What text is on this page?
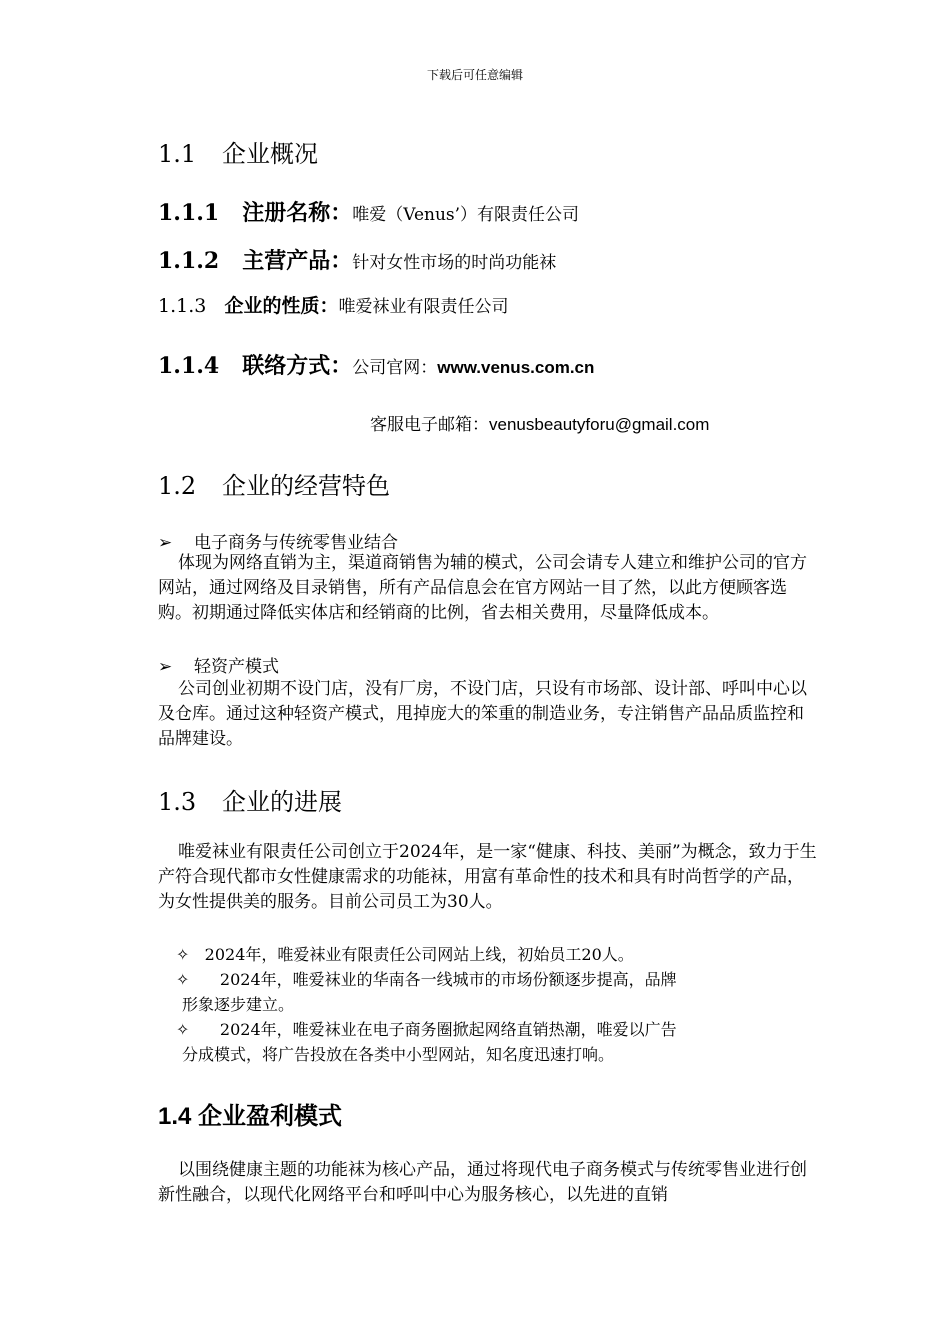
下载后可任意编辑
1.1 企业概况
1.1.1 注册名称：唯爱（Venus’）有限责任公司
1.1.2 主营产品：针对女性市场的时尚功能袜
1.1.3 企业的性质：唯爱袜业有限责任公司
1.1.4 联络方式：公司官网：www.venus.com.cn
客服电子邮箱：venusbeautyforu@gmail.com
1.2 企业的经营特色
➢ 电子商务与传统零售业结合
体现为网络直销为主，渠道商销售为辅的模式，公司会请专人建立和维护公司的官方网站，通过网络及目录销售，所有产品信息会在官方网站一目了然，以此方便顾客选购。初期通过降低实体店和经销商的比例，省去相关费用，尽量降低成本。
➢ 轻资产模式
公司创业初期不设门店，没有厂房，不设门店，只设有市场部、设计部、呼叫中心以及仓库。通过这种轻资产模式，甩掉庞大的笨重的制造业务，专注销售产品品质监控和品牌建设。
1.3 企业的进展
唯爱袜业有限责任公司创立于2024年，是一家“健康、科技、美丽”为概念，致力于生产符合现代都市女性健康需求的功能袜，用富有革命性的技术和具有时尚哲学的产品，为女性提供美的服务。目前公司员工为30人。
✧ 2024年，唯爱袜业有限责任公司网站上线，初始员工20人。
✧ 2024年，唯爱袜业的华南各一线城市的市场份额逐步提高，品牌
形象逐步建立。
✧ 2024年，唯爱袜业在电子商务圈掀起网络直销热潮，唯爱以广告
分成模式，将广告投放在各类中小型网站，知名度迅速打响。
1.4 企业盈利模式
以围绕健康主题的功能袜为核心产品，通过将现代电子商务模式与传统零售业进行创新性融合，以现代化网络平台和呼叫中心为服务核心，以先进的直销
